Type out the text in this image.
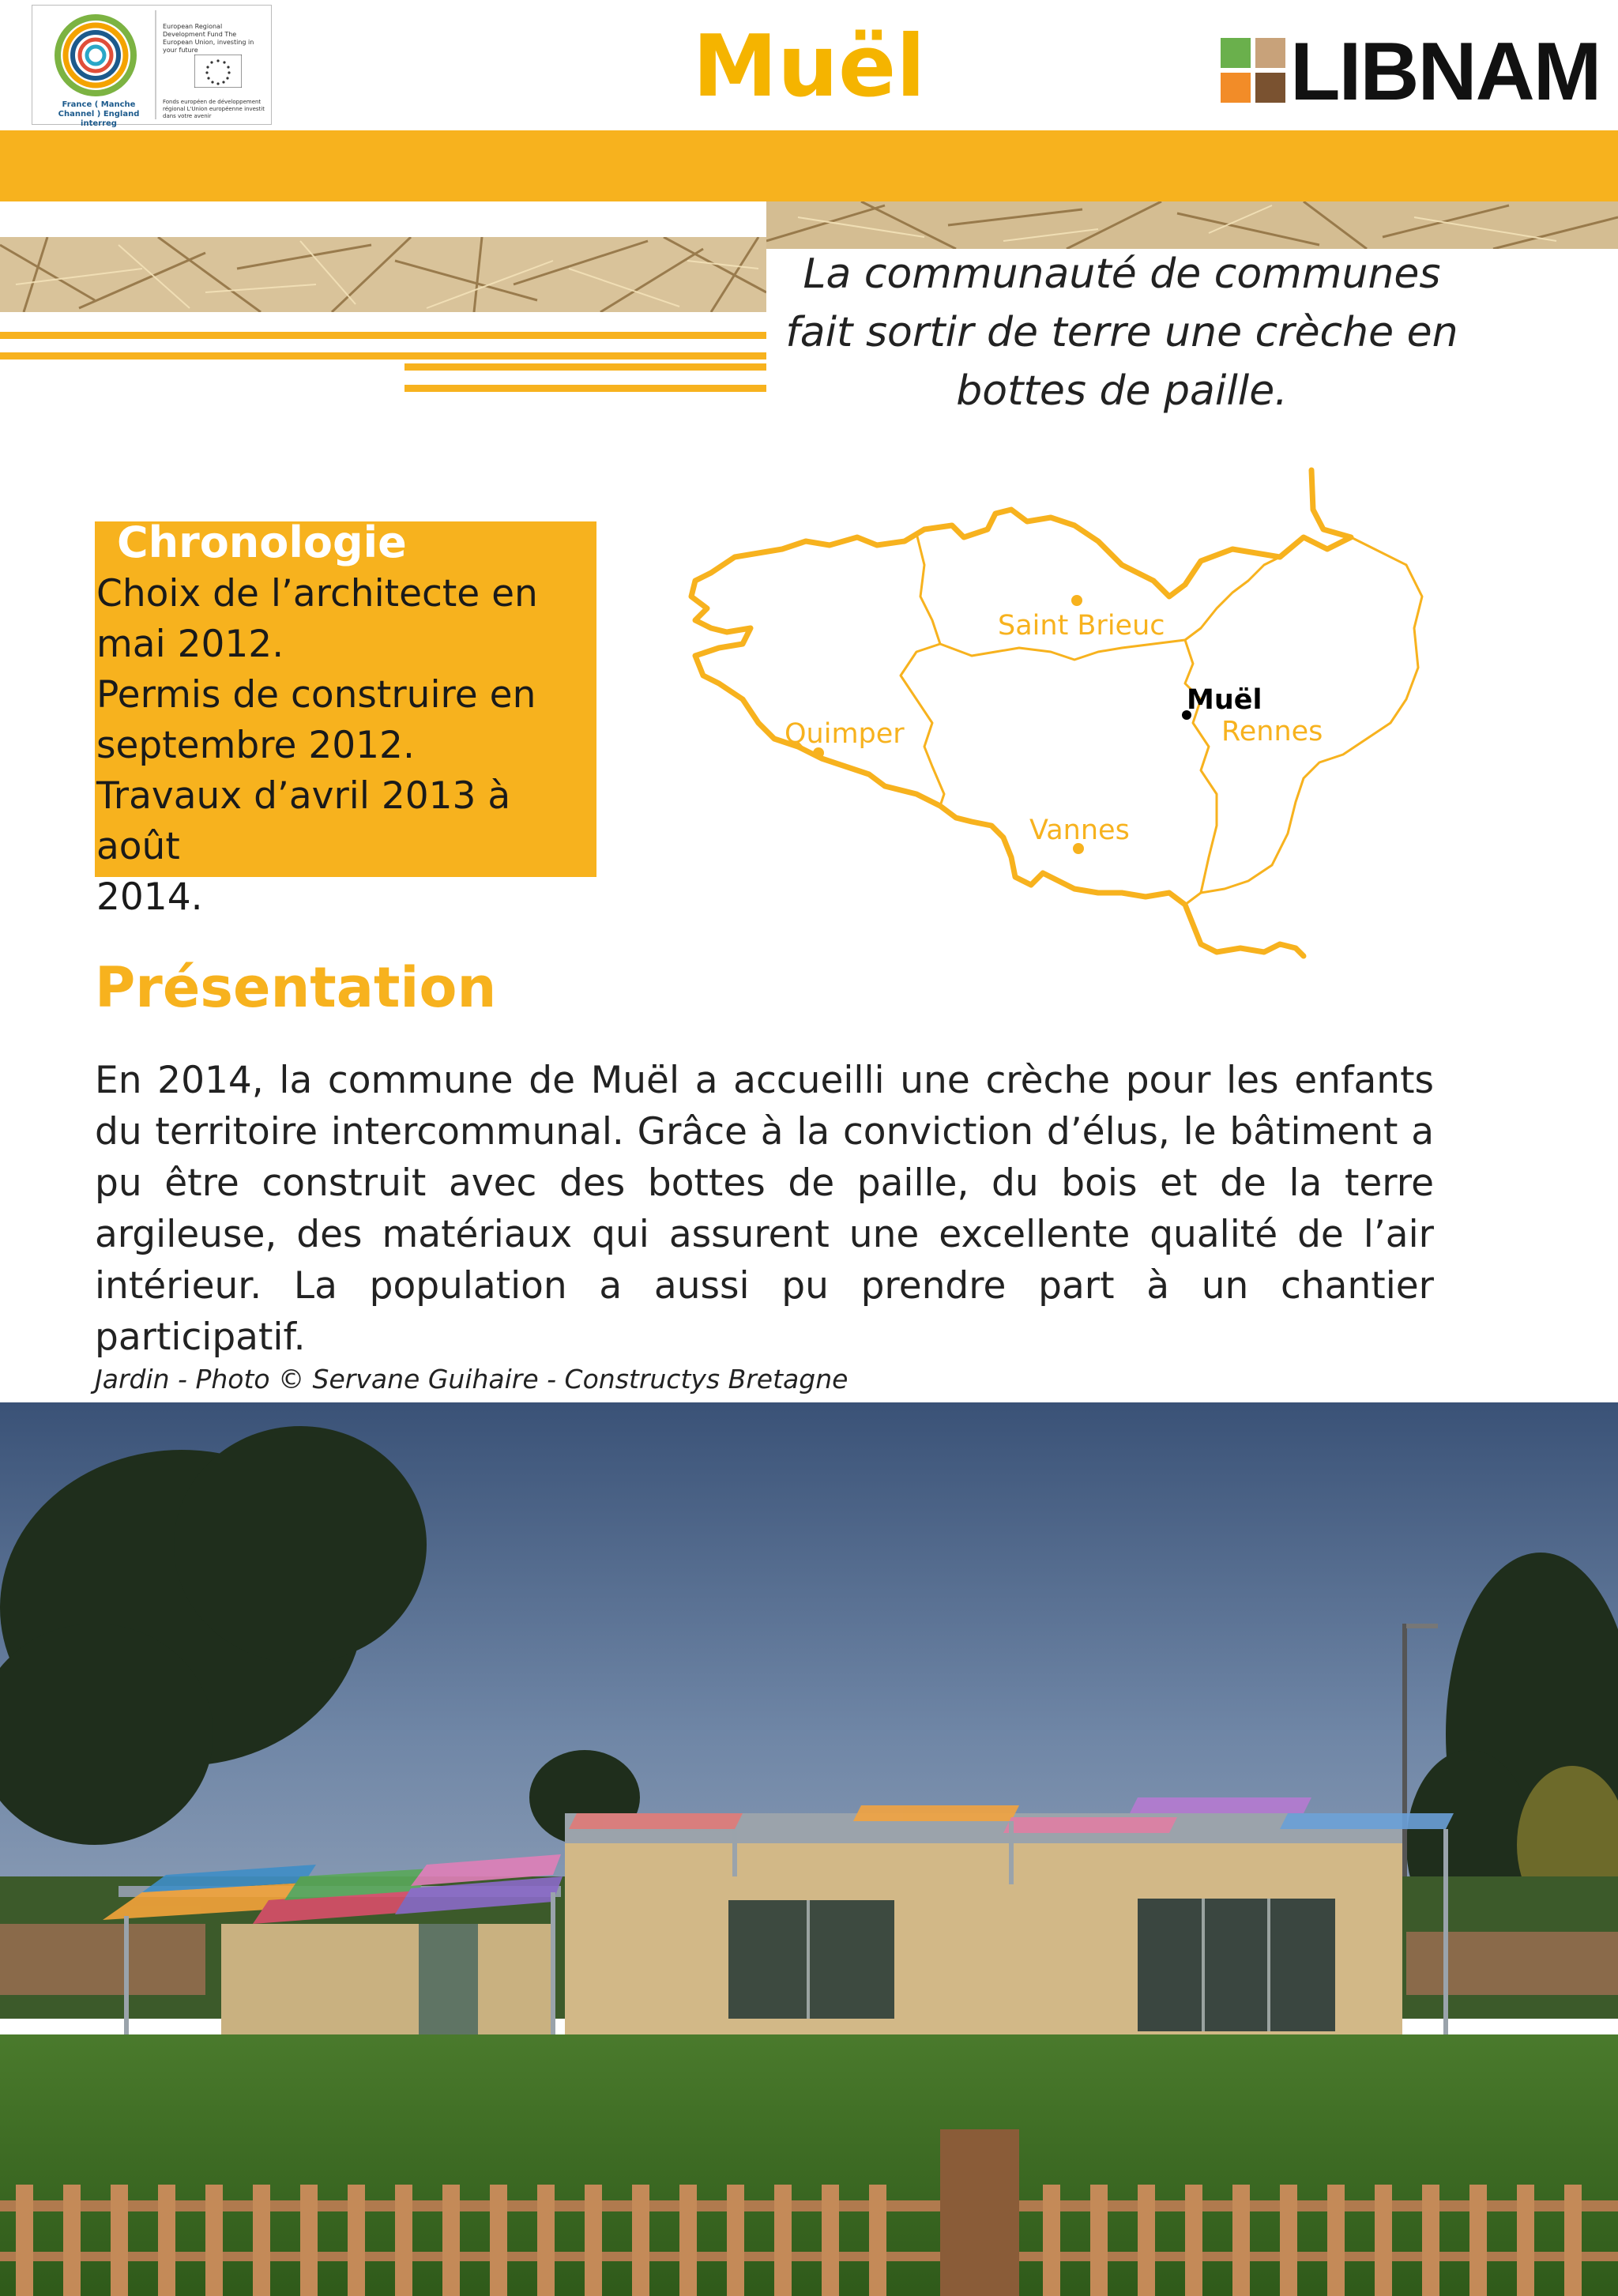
France ( Manche Channel ) England interreg
European Regional Development Fund The European Union, investing in your future
Fonds européen de développement régional L'Union européenne investit dans votre avenir	Muël	LIBNAM
La communauté de communes fait sortir de terre une crèche en bottes de paille.
Chronologie
Choix de l’architecte en
mai 2012.
Permis de construire en
septembre 2012.
Travaux d’avril 2013 à août
2014.
Saint Brieuc
Quimper	Rennes
Vannes
Muël
Présentation
En 2014, la commune de Muël a accueilli une crèche pour les enfants du territoire intercommunal. Grâce à la conviction d’élus, le bâtiment a pu être construit avec des bottes de paille, du bois et de la terre argileuse, des matériaux qui assurent une excellente qualité de l’air intérieur. La population a aussi pu prendre part à un chantier participatif.
Jardin - Photo © Servane Guihaire - Constructys Bretagne
